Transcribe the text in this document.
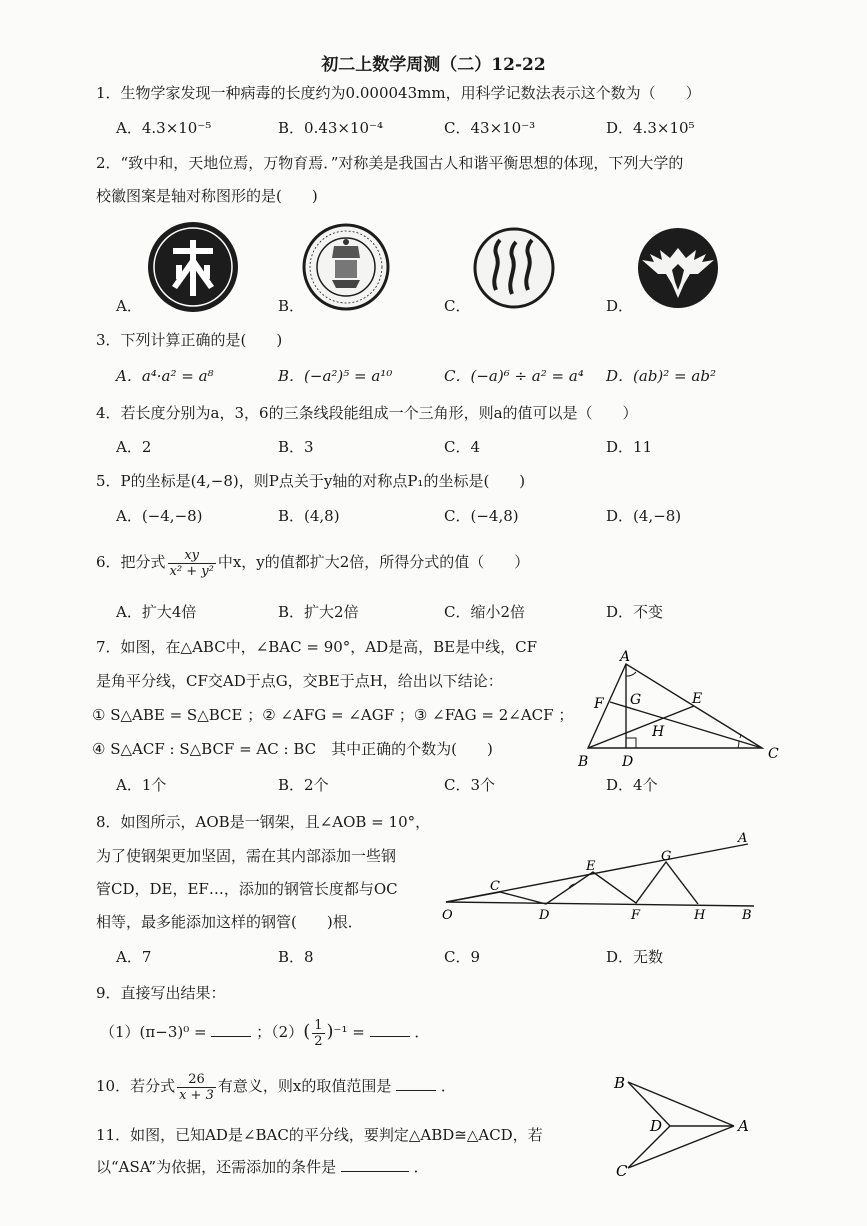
初二上数学周测（二）12-22
1．生物学家发现一种病毒的长度约为0.000043mm，用科学记数法表示这个数为（　　）
A．4.3×10⁻⁵	B．0.43×10⁻⁴	C．43×10⁻³	D．4.3×10⁵
2．“致中和，天地位焉，万物育焉．”对称美是我国古人和谐平衡思想的体现，下列大学的
校徽图案是轴对称图形的是(　　)
A．	B．	C．	D．
3．下列计算正确的是(　　)
A．a⁴·a² = a⁸	B．(−a²)⁵ = a¹⁰	C．(−a)⁶ ÷ a² = a⁴ D．(ab)² = ab²
4．若长度分别为a，3，6的三条线段能组成一个三角形，则a的值可以是（　　）
A．2	B．3	C．4	D．11
5．P的坐标是(4,−8)，则P点关于y轴的对称点P₁的坐标是(　　)
A．(−4,−8)	B．(4,8)	C．(−4,8)	D．(4,−8)
6．把分式 $\frac{xy}{\text{x² + y²}}$ 中x，y的值都扩大2倍，所得分式的值（　　）
A．扩大4倍	B．扩大2倍	C．缩小2倍	D．不变
7．如图，在△ABC中，∠BAC = 90°，AD是高，BE是中线，CF
是角平分线，CF交AD于点G，交BE于点H，给出以下结论：
① S△ABE = S△BCE ；② ∠AFG = ∠AGF ；③ ∠FAG = 2∠ACF ；
④ S△ACF : S△BCF = AC : BC　其中正确的个数为(　　)
A．1个	B．2个	C．3个	D．4个
A
B	C
D
E
F G
H
8．如图所示，AOB是一钢架，且∠AOB = 10°，
为了使钢架更加坚固，需在其内部添加一些钢
管CD，DE，EF…，添加的钢管长度都与OC
相等，最多能添加这样的钢管(　　)根．
A．7	B．8	C．9	D．无数
A
O	B
C
D
E
F
G
H
9．直接写出结果：
（1）(π−3)⁰ =	；$(2)( \frac{1}{2} )^{-1}$ =	．
10．若分式 $\frac{26}{x + 3}$ 有意义，则x的取值范围是	．
11．如图，已知AD是∠BAC的平分线，要判定△ABD≅△ACD，若
以“ASA”为依据，还需添加的条件是	．
B
C
D	A
